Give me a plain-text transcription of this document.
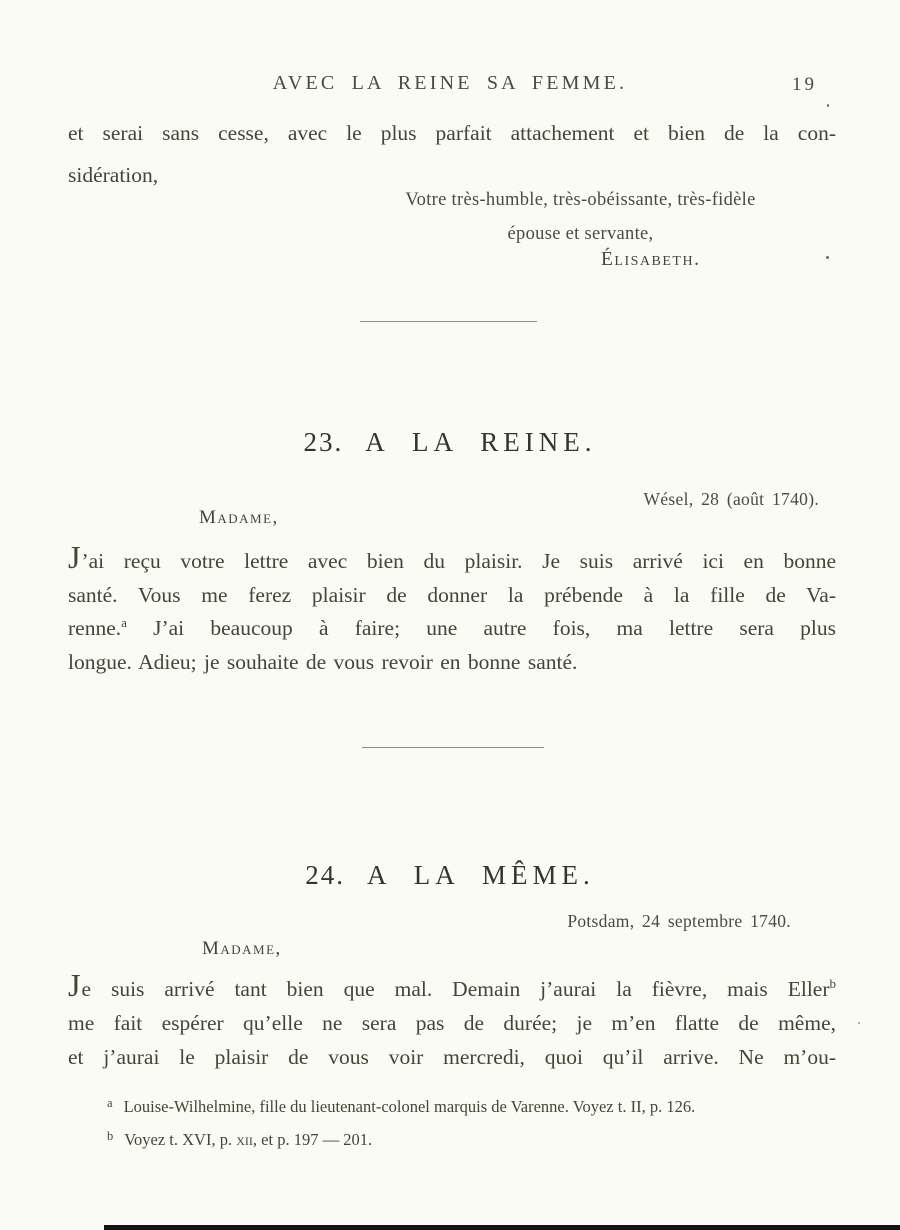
AVEC LA REINE SA FEMME.	19
et serai sans cesse, avec le plus parfait attachement et bien de la con-
sidération,
Votre très-humble, très-obéissante, très-fidèle
épouse et servante,
Élisabeth.
23. A LA REINE.
Wésel, 28 (août 1740).
Madame,
J’ai reçu votre lettre avec bien du plaisir. Je suis arrivé ici en bonne
santé. Vous me ferez plaisir de donner la prébende à la fille de Va-
renne.$^a$ J’ai beaucoup à faire; une autre fois, ma lettre sera plus
longue. Adieu; je souhaite de vous revoir en bonne santé.
24. A LA MÊME.
Potsdam, 24 septembre 1740.
Madame,
Je suis arrivé tant bien que mal. Demain j’aurai la fièvre, mais Eller$^b$
me fait espérer qu’elle ne sera pas de durée; je m’en flatte de même,
et j’aurai le plaisir de vous voir mercredi, quoi qu’il arrive. Ne m’ou-
$^a$ Louise-Wilhelmine, fille du lieutenant-colonel marquis de Varenne. Voyez t. II, p. 126.
$^b$ Voyez t. XVI, p. xii, et p. 197 — 201.
